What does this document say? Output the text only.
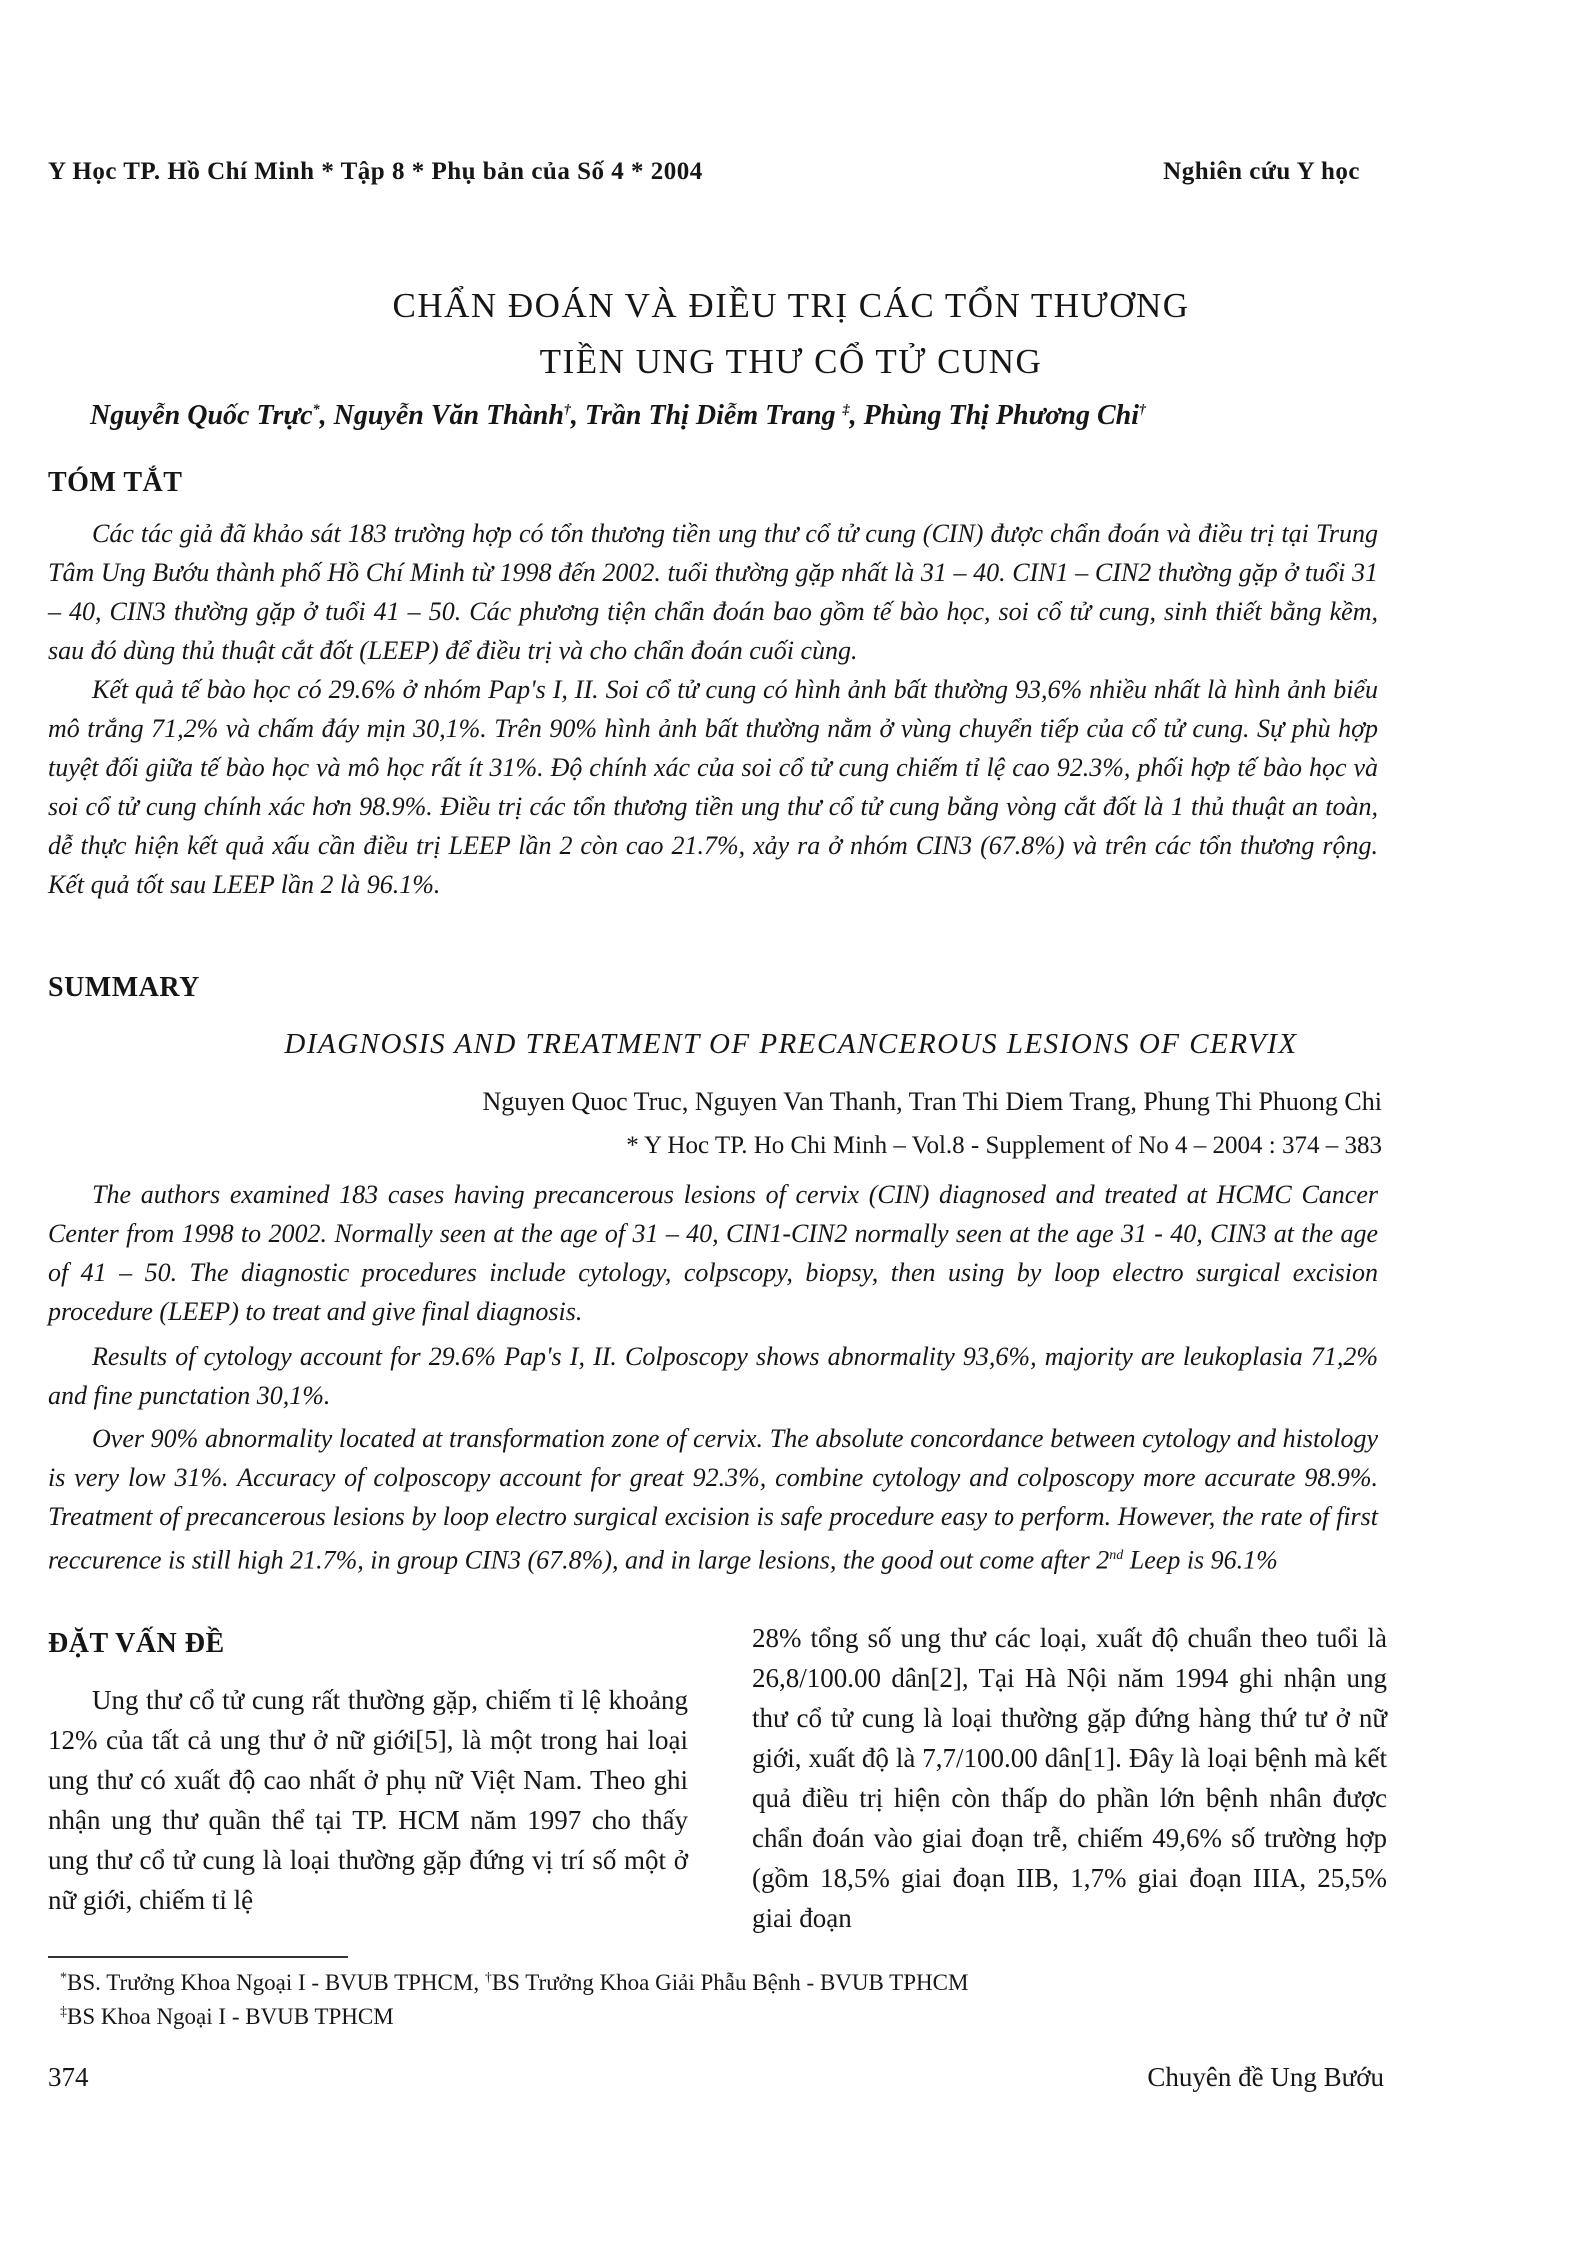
Y Học TP. Hồ Chí Minh * Tập 8 * Phụ bản của Số 4 * 2004	Nghiên cứu Y học
CHẨN ĐOÁN VÀ ĐIỀU TRỊ CÁC TỔN THƯƠNG
TIỀN UNG THƯ CỔ TỬ CUNG
Nguyễn Quốc Trực*, Nguyễn Văn Thành†, Trần Thị Diễm Trang ‡, Phùng Thị Phương Chi†
TÓM TẮT

Các tác giả đã khảo sát 183 trường hợp có tổn thương tiền ung thư cổ tử cung (CIN) được chẩn đoán và điều trị tại Trung Tâm Ung Bướu thành phố Hồ Chí Minh từ 1998 đến 2002. tuổi thường gặp nhất là 31 – 40. CIN1 – CIN2 thường gặp ở tuổi 31 – 40, CIN3 thường gặp ở tuổi 41 – 50. Các phương tiện chẩn đoán bao gồm tế bào học, soi cổ tử cung, sinh thiết bằng kềm, sau đó dùng thủ thuật cắt đốt (LEEP) để điều trị và cho chẩn đoán cuối cùng.

Kết quả tế bào học có 29.6% ở nhóm Pap's I, II. Soi cổ tử cung có hình ảnh bất thường 93,6% nhiều nhất là hình ảnh biểu mô trắng 71,2% và chấm đáy mịn 30,1%. Trên 90% hình ảnh bất thường nằm ở vùng chuyển tiếp của cổ tử cung. Sự phù hợp tuyệt đối giữa tế bào học và mô học rất ít 31%. Độ chính xác của soi cổ tử cung chiếm tỉ lệ cao 92.3%, phối hợp tế bào học và soi cổ tử cung chính xác hơn 98.9%. Điều trị các tổn thương tiền ung thư cổ tử cung bằng vòng cắt đốt là 1 thủ thuật an toàn, dễ thực hiện kết quả xấu cần điều trị LEEP lần 2 còn cao 21.7%, xảy ra ở nhóm CIN3 (67.8%) và trên các tổn thương rộng. Kết quả tốt sau LEEP lần 2 là 96.1%.

SUMMARY
DIAGNOSIS AND TREATMENT OF PRECANCEROUS LESIONS OF CERVIX
Nguyen Quoc Truc, Nguyen Van Thanh, Tran Thi Diem Trang, Phung Thi Phuong Chi
* Y Hoc TP. Ho Chi Minh – Vol.8 - Supplement of No 4 – 2004 : 374 – 383

The authors examined 183 cases having precancerous lesions of cervix (CIN) diagnosed and treated at HCMC Cancer Center from 1998 to 2002. Normally seen at the age of 31 – 40, CIN1-CIN2 normally seen at the age 31 - 40, CIN3 at the age of 41 – 50. The diagnostic procedures include cytology, colpscopy, biopsy, then using by loop electro surgical excision procedure (LEEP) to treat and give final diagnosis.

Results of cytology account for 29.6% Pap's I, II. Colposcopy shows abnormality 93,6%, majority are leukoplasia 71,2% and fine punctation 30,1%.

Over 90% abnormality located at transformation zone of cervix. The absolute concordance between cytology and histology is very low 31%. Accuracy of colposcopy account for great 92.3%, combine cytology and colposcopy more accurate 98.9%. Treatment of precancerous lesions by loop electro surgical excision is safe procedure easy to perform. However, the rate of first reccurence is still high 21.7%, in group CIN3 (67.8%), and in large lesions, the good out come after 2nd Leep is 96.1%

ĐẶT VẤN ĐỀ

Ung thư cổ tử cung rất thường gặp, chiếm tỉ lệ khoảng 12% của tất cả ung thư ở nữ giới[5], là một trong hai loại ung thư có xuất độ cao nhất ở phụ nữ Việt Nam. Theo ghi nhận ung thư quần thể tại TP. HCM năm 1997 cho thấy ung thư cổ tử cung là loại thường gặp đứng vị trí số một ở nữ giới, chiếm tỉ lệ

28% tổng số ung thư các loại, xuất độ chuẩn theo tuổi là 26,8/100.00 dân[2], Tại Hà Nội năm 1994 ghi nhận ung thư cổ tử cung là loại thường gặp đứng hàng thứ tư ở nữ giới, xuất độ là 7,7/100.00 dân[1]. Đây là loại bệnh mà kết quả điều trị hiện còn thấp do phần lớn bệnh nhân được chẩn đoán vào giai đoạn trễ, chiếm 49,6% số trường hợp (gồm 18,5% giai đoạn IIB, 1,7% giai đoạn IIIA, 25,5% giai đoạn

*BS. Trưởng Khoa Ngoại I - BVUB TPHCM, †BS Trưởng Khoa Giải Phẫu Bệnh - BVUB TPHCM
‡BS Khoa Ngoại I - BVUB TPHCM
374	Chuyên đề Ung Bướu
